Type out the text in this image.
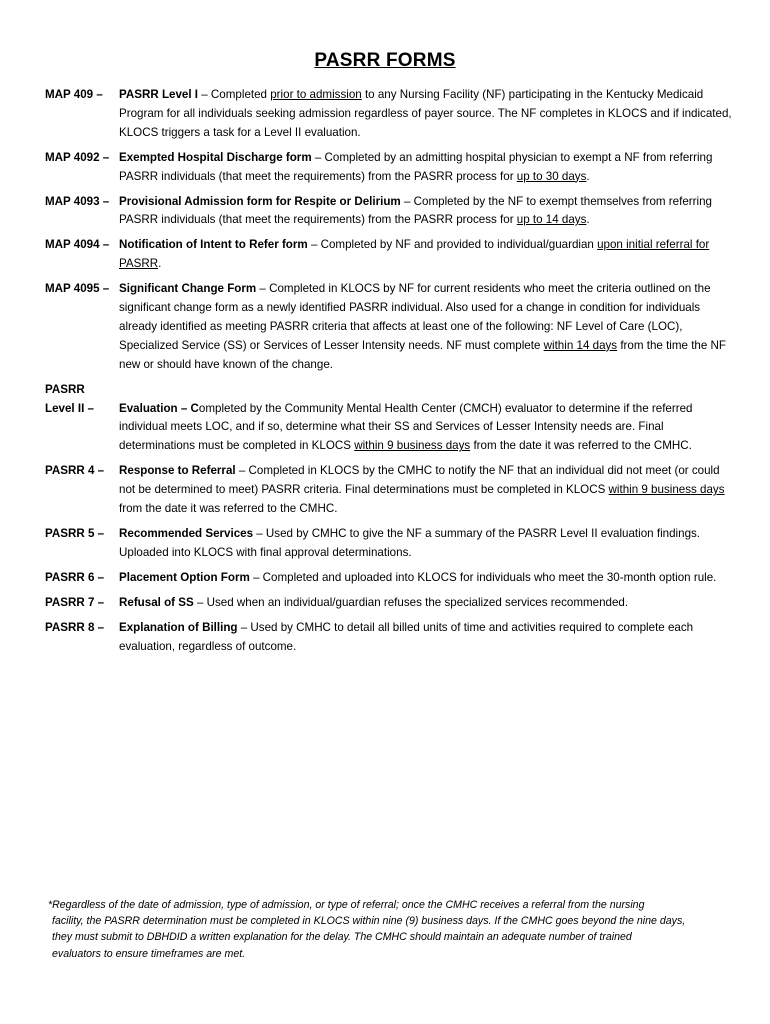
PASRR FORMS
MAP 409 –	PASRR Level I – Completed prior to admission to any Nursing Facility (NF) participating in the Kentucky Medicaid Program for all individuals seeking admission regardless of payer source. The NF completes in KLOCS and if indicated, KLOCS triggers a task for a Level II evaluation.
MAP 4092 – Exempted Hospital Discharge form – Completed by an admitting hospital physician to exempt a NF from referring PASRR individuals (that meet the requirements) from the PASRR process for up to 30 days.
MAP 4093 – Provisional Admission form for Respite or Delirium – Completed by the NF to exempt themselves from referring PASRR individuals (that meet the requirements) from the PASRR process for up to 14 days.
MAP 4094 – Notification of Intent to Refer form – Completed by NF and provided to individual/guardian upon initial referral for PASRR.
MAP 4095 – Significant Change Form – Completed in KLOCS by NF for current residents who meet the criteria outlined on the significant change form as a newly identified PASRR individual. Also used for a change in condition for individuals already identified as meeting PASRR criteria that affects at least one of the following: NF Level of Care (LOC), Specialized Service (SS) or Services of Lesser Intensity needs. NF must complete within 14 days from the time the NF new or should have known of the change.
PASRR
Level II –	Evaluation – Completed by the Community Mental Health Center (CMCH) evaluator to determine if the referred individual meets LOC, and if so, determine what their SS and Services of Lesser Intensity needs are. Final determinations must be completed in KLOCS within 9 business days from the date it was referred to the CMHC.
PASRR 4 –	Response to Referral – Completed in KLOCS by the CMHC to notify the NF that an individual did not meet (or could not be determined to meet) PASRR criteria. Final determinations must be completed in KLOCS within 9 business days from the date it was referred to the CMHC.
PASRR 5 –	Recommended Services – Used by CMHC to give the NF a summary of the PASRR Level II evaluation findings. Uploaded into KLOCS with final approval determinations.
PASRR 6 –	Placement Option Form – Completed and uploaded into KLOCS for individuals who meet the 30-month option rule.
PASRR 7 –	Refusal of SS – Used when an individual/guardian refuses the specialized services recommended.
PASRR 8 –	Explanation of Billing – Used by CMHC to detail all billed units of time and activities required to complete each evaluation, regardless of outcome.
*Regardless of the date of admission, type of admission, or type of referral; once the CMHC receives a referral from the nursing
facility, the PASRR determination must be completed in KLOCS within nine (9) business days. If the CMHC goes beyond the nine days,
they must submit to DBHDID a written explanation for the delay. The CMHC should maintain an adequate number of trained
evaluators to ensure timeframes are met.
